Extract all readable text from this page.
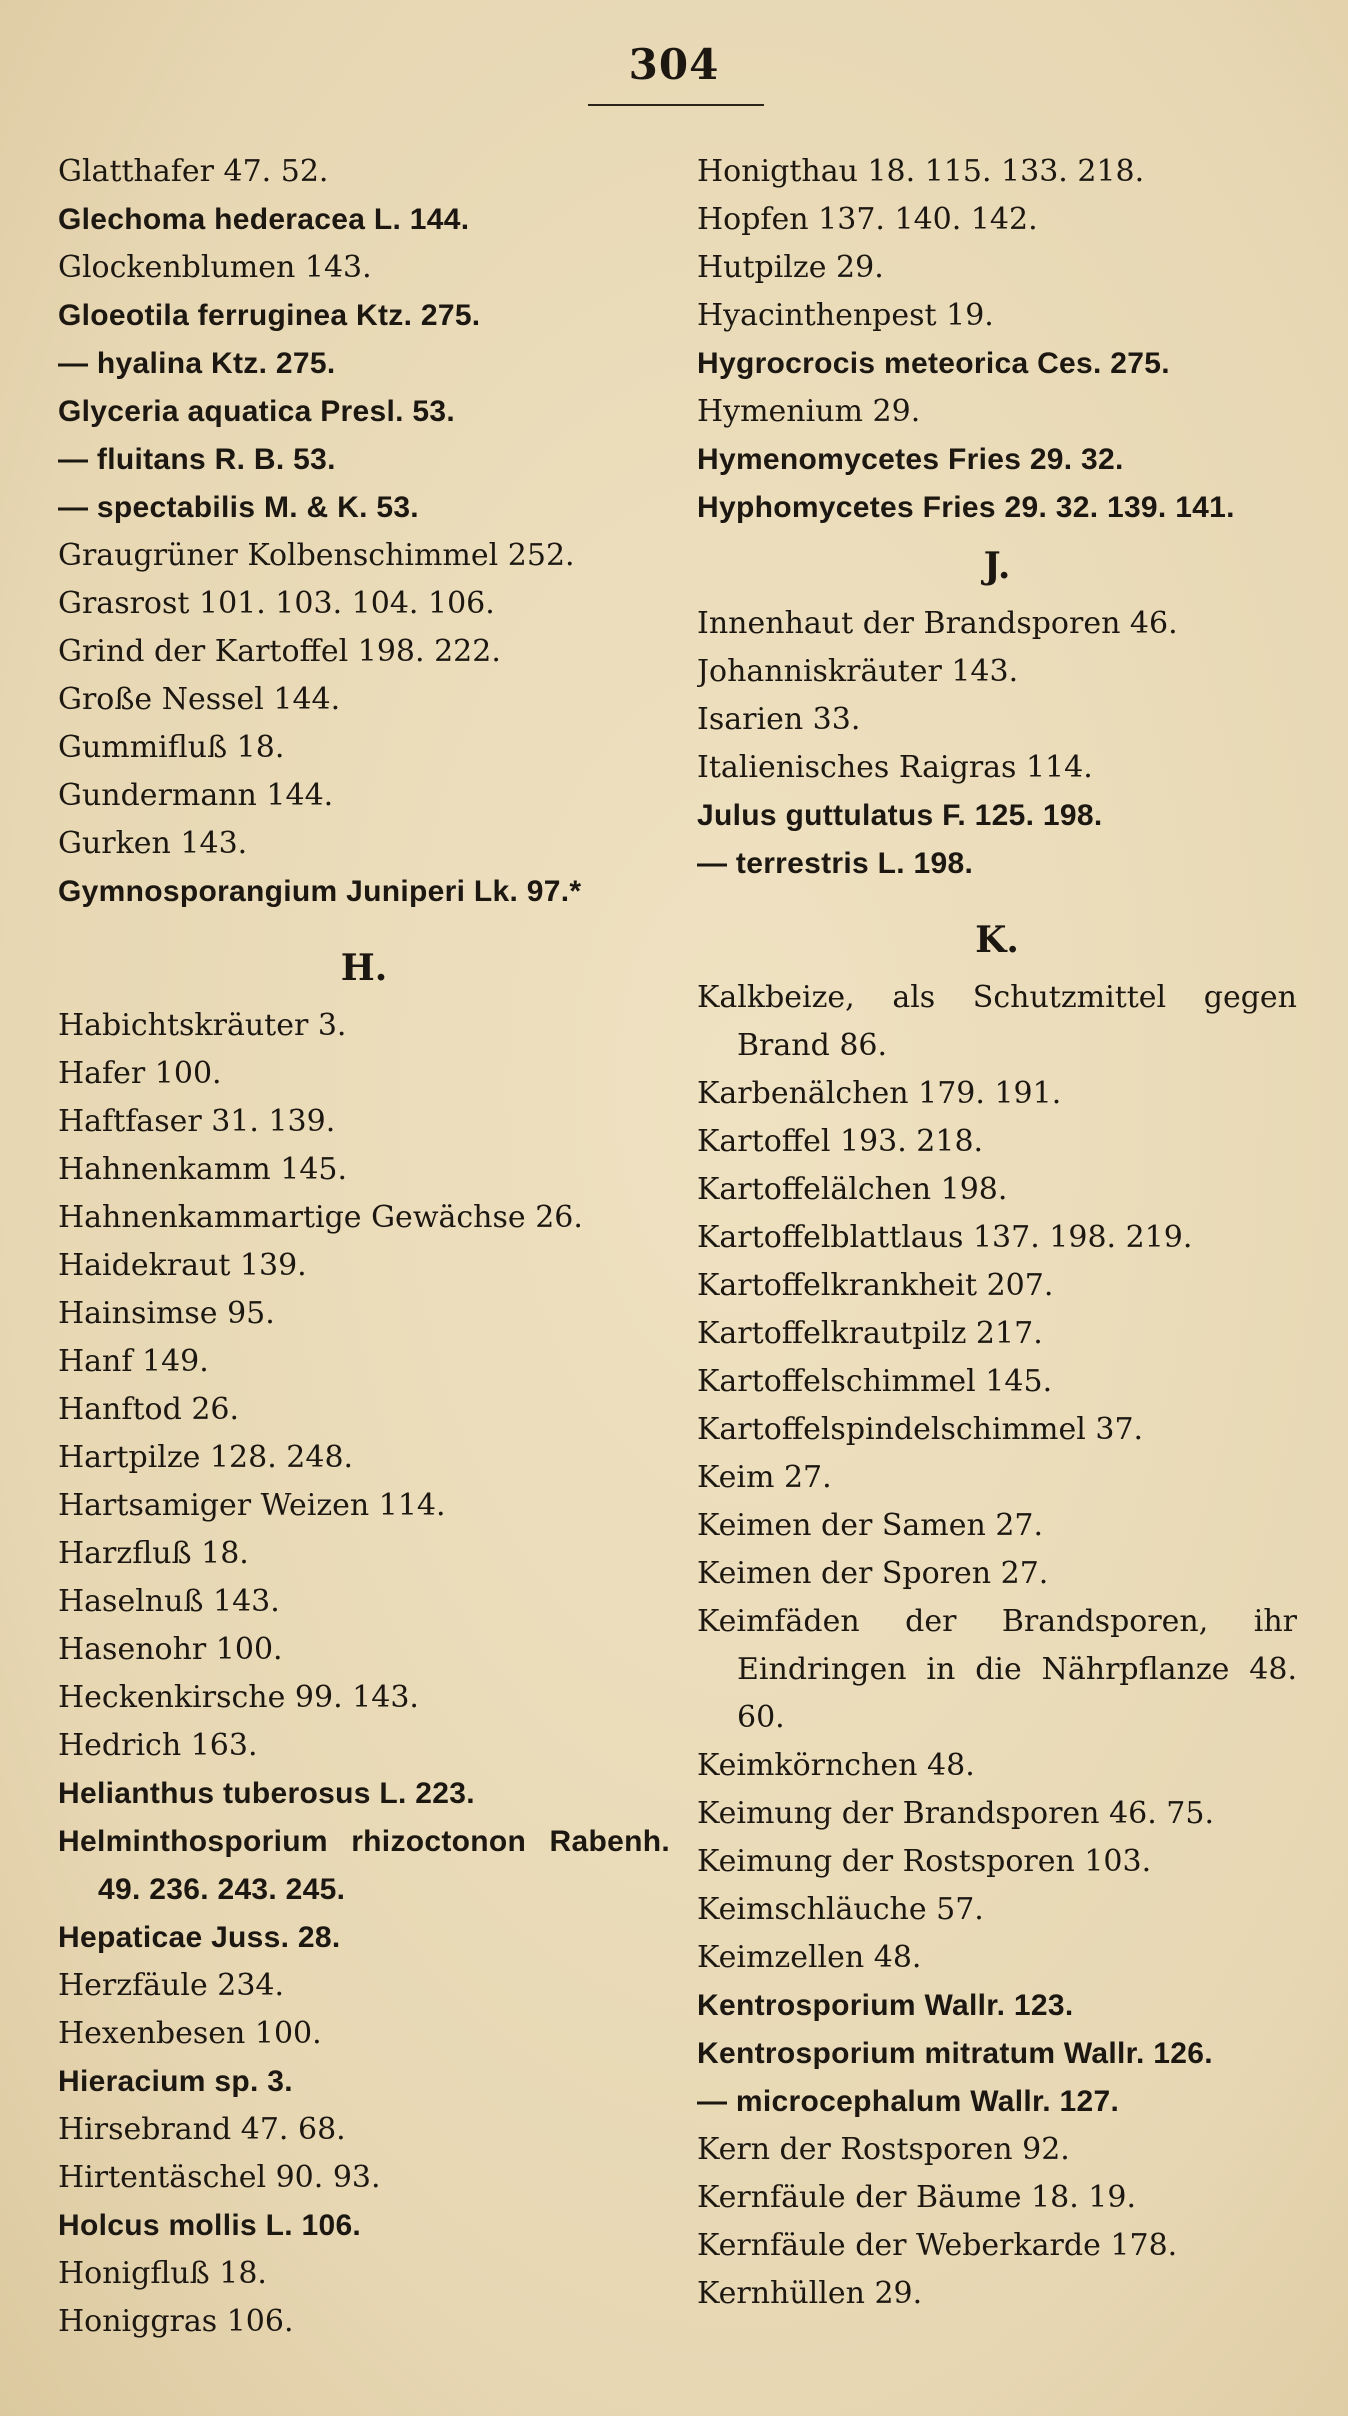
304
Glatthafer 47. 52.
Glechoma hederacea L. 144.
Glockenblumen 143.
Gloeotila ferruginea Ktz. 275.
— hyalina Ktz. 275.
Glyceria aquatica Presl. 53.
— fluitans R. B. 53.
— spectabilis M. & K. 53.
Graugrüner Kolbenschimmel 252.
Grasrost 101. 103. 104. 106.
Grind der Kartoffel 198. 222.
Große Nessel 144.
Gummifluß 18.
Gundermann 144.
Gurken 143.
Gymnosporangium Juniperi Lk. 97.*
H.
Habichtskräuter 3.
Hafer 100.
Haftfaser 31. 139.
Hahnenkamm 145.
Hahnenkammartige Gewächse 26.
Haidekraut 139.
Hainsimse 95.
Hanf 149.
Hanftod 26.
Hartpilze 128. 248.
Hartsamiger Weizen 114.
Harzfluß 18.
Haselnuß 143.
Hasenohr 100.
Heckenkirsche 99. 143.
Hedrich 163.
Helianthus tuberosus L. 223.
Helminthosporium rhizoctonon Rabenh. 49. 236. 243. 245.
Hepaticae Juss. 28.
Herzfäule 234.
Hexenbesen 100.
Hieracium sp. 3.
Hirsebrand 47. 68.
Hirtentäschel 90. 93.
Holcus mollis L. 106.
Honigfluß 18.
Honiggras 106.
Honigthau 18. 115. 133. 218.
Hopfen 137. 140. 142.
Hutpilze 29.
Hyacinthenpest 19.
Hygrocrocis meteorica Ces. 275.
Hymenium 29.
Hymenomycetes Fries 29. 32.
Hyphomycetes Fries 29. 32. 139. 141.
J.
Innenhaut der Brandsporen 46.
Johanniskräuter 143.
Isarien 33.
Italienisches Raigras 114.
Julus guttulatus F. 125. 198.
— terrestris L. 198.
K.
Kalkbeize, als Schutzmittel gegen Brand 86.
Karbenälchen 179. 191.
Kartoffel 193. 218.
Kartoffelälchen 198.
Kartoffelblattlaus 137. 198. 219.
Kartoffelkrankheit 207.
Kartoffelkrautpilz 217.
Kartoffelschimmel 145.
Kartoffelspindelschimmel 37.
Keim 27.
Keimen der Samen 27.
Keimen der Sporen 27.
Keimfäden der Brandsporen, ihr Eindringen in die Nährpflanze 48. 60.
Keimkörnchen 48.
Keimung der Brandsporen 46. 75.
Keimung der Rostsporen 103.
Keimschläuche 57.
Keimzellen 48.
Kentrosporium Wallr. 123.
Kentrosporium mitratum Wallr. 126.
— microcephalum Wallr. 127.
Kern der Rostsporen 92.
Kernfäule der Bäume 18. 19.
Kernfäule der Weberkarde 178.
Kernhüllen 29.
